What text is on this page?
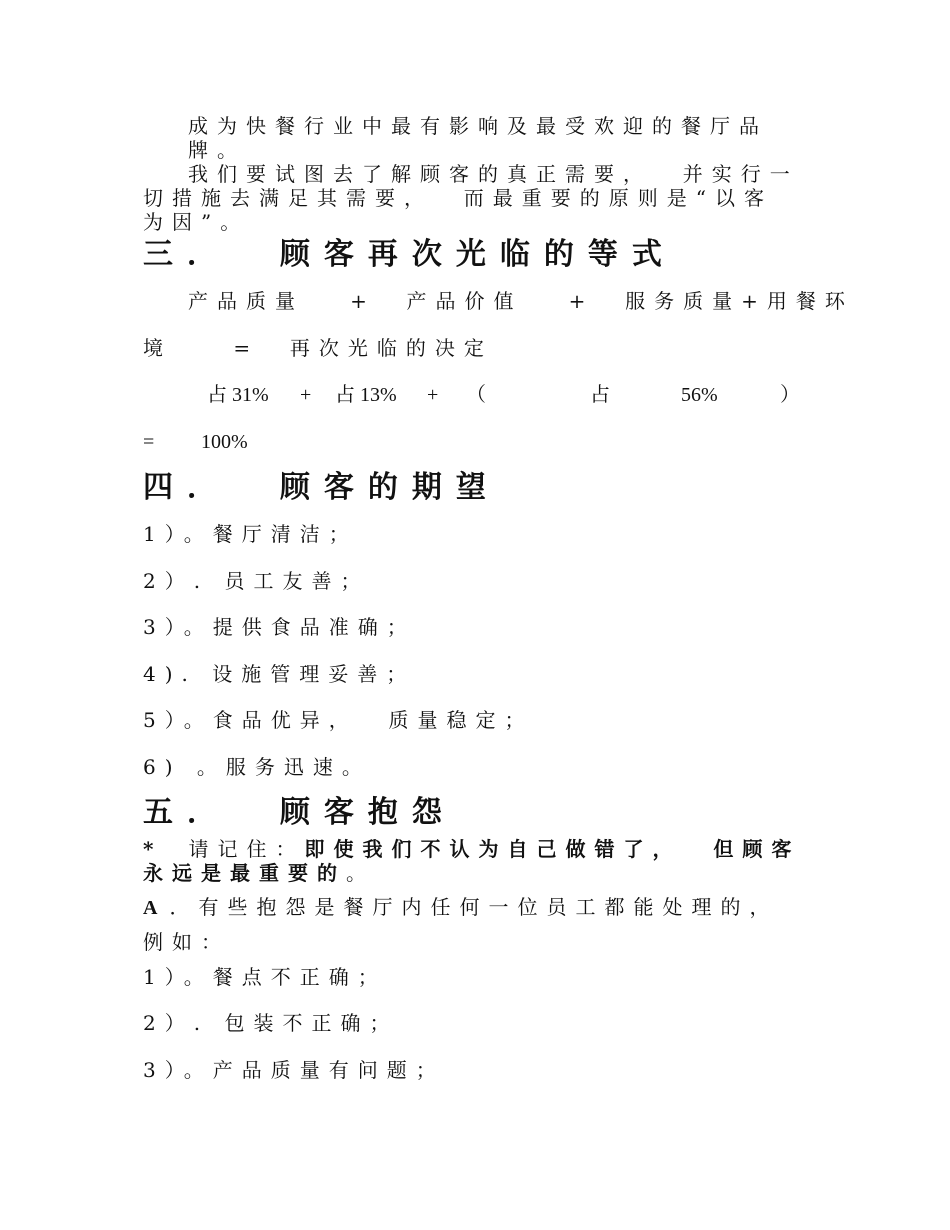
成为快餐行业中最有影响及最受欢迎的餐厅品
牌。
我们要试图去了解顾客的真正需要，  并实行一
切措施去满足其需要，  而最重要的原则是“以客
为因”。
三．  顾客再次光临的等式
产品质量   +  产品价值   +  服务质量+用餐环
境    =  再次光临的决定
占 31% + 占 13% + （	占	56%	）
= 100%
四．  顾客的期望
1）。餐厅清洁；
2）. 员工友善；
3）。提供食品准确；
4). 设施管理妥善；
5）。食品优异，  质量稳定；
6) 。服务迅速。
五．  顾客抱怨
* 请记住：即使我们不认为自己做错了，  但顾客
永远是最重要的。
A ．有些抱怨是餐厅内任何一位员工都能处理的，
例如：
1）。餐点不正确；
2）. 包装不正确；
3）。产品质量有问题；
